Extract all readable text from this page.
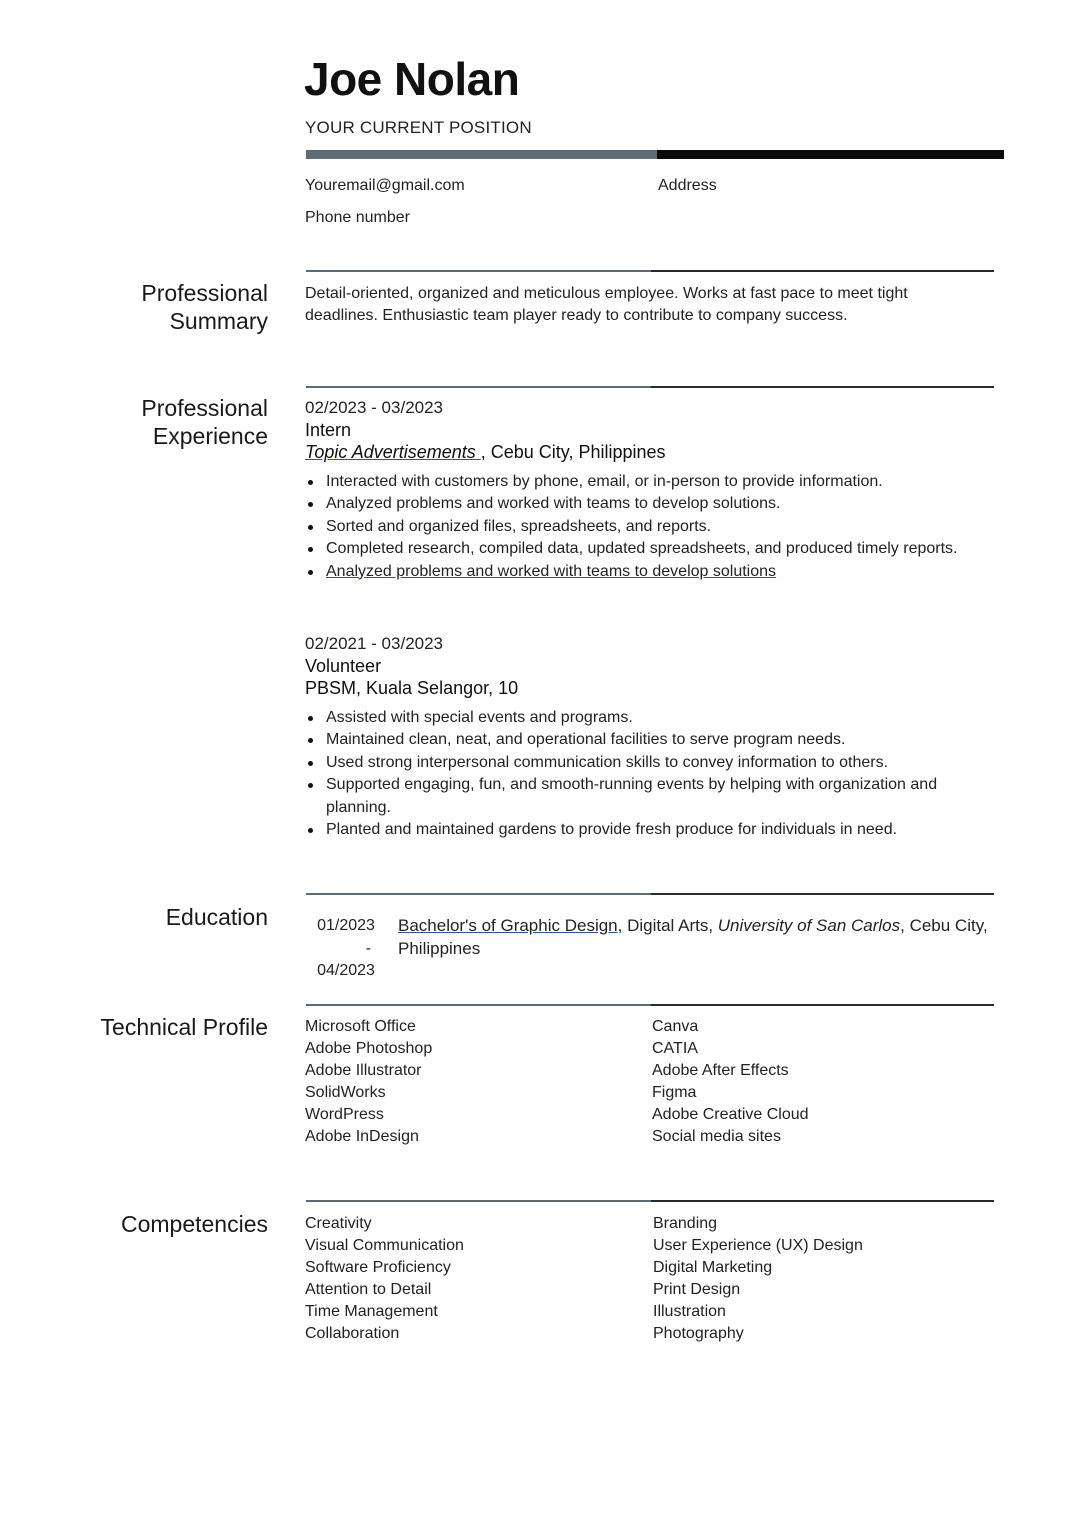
Joe Nolan
YOUR CURRENT POSITION
Youremail@gmail.com	Address
Phone number
Professional
Summary
Detail-oriented, organized and meticulous employee. Works at fast pace to meet tight
deadlines. Enthusiastic team player ready to contribute to company success.
Professional
Experience
02/2023 - 03/2023
Intern
Topic Advertisements , Cebu City, Philippines
Interacted with customers by phone, email, or in-person to provide information.
Analyzed problems and worked with teams to develop solutions.
Sorted and organized files, spreadsheets, and reports.
Completed research, compiled data, updated spreadsheets, and produced timely reports.
Analyzed problems and worked with teams to develop solutions
02/2021 - 03/2023
Volunteer
PBSM, Kuala Selangor, 10
Assisted with special events and programs.
Maintained clean, neat, and operational facilities to serve program needs.
Used strong interpersonal communication skills to convey information to others.
Supported engaging, fun, and smooth-running events by helping with organization and planning.
Planted and maintained gardens to provide fresh produce for individuals in need.
Education	01/2023
-
04/2023
Bachelor's of Graphic Design, Digital Arts, University of San Carlos, Cebu City, Philippines
Technical Profile Microsoft Office
Adobe Photoshop
Adobe Illustrator
SolidWorks
WordPress
Adobe InDesign
Canva
CATIA
Adobe After Effects
Figma
Adobe Creative Cloud
Social media sites
Competencies Creativity
Visual Communication
Software Proficiency
Attention to Detail
Time Management
Collaboration
Branding
User Experience (UX) Design
Digital Marketing
Print Design
Illustration
Photography
